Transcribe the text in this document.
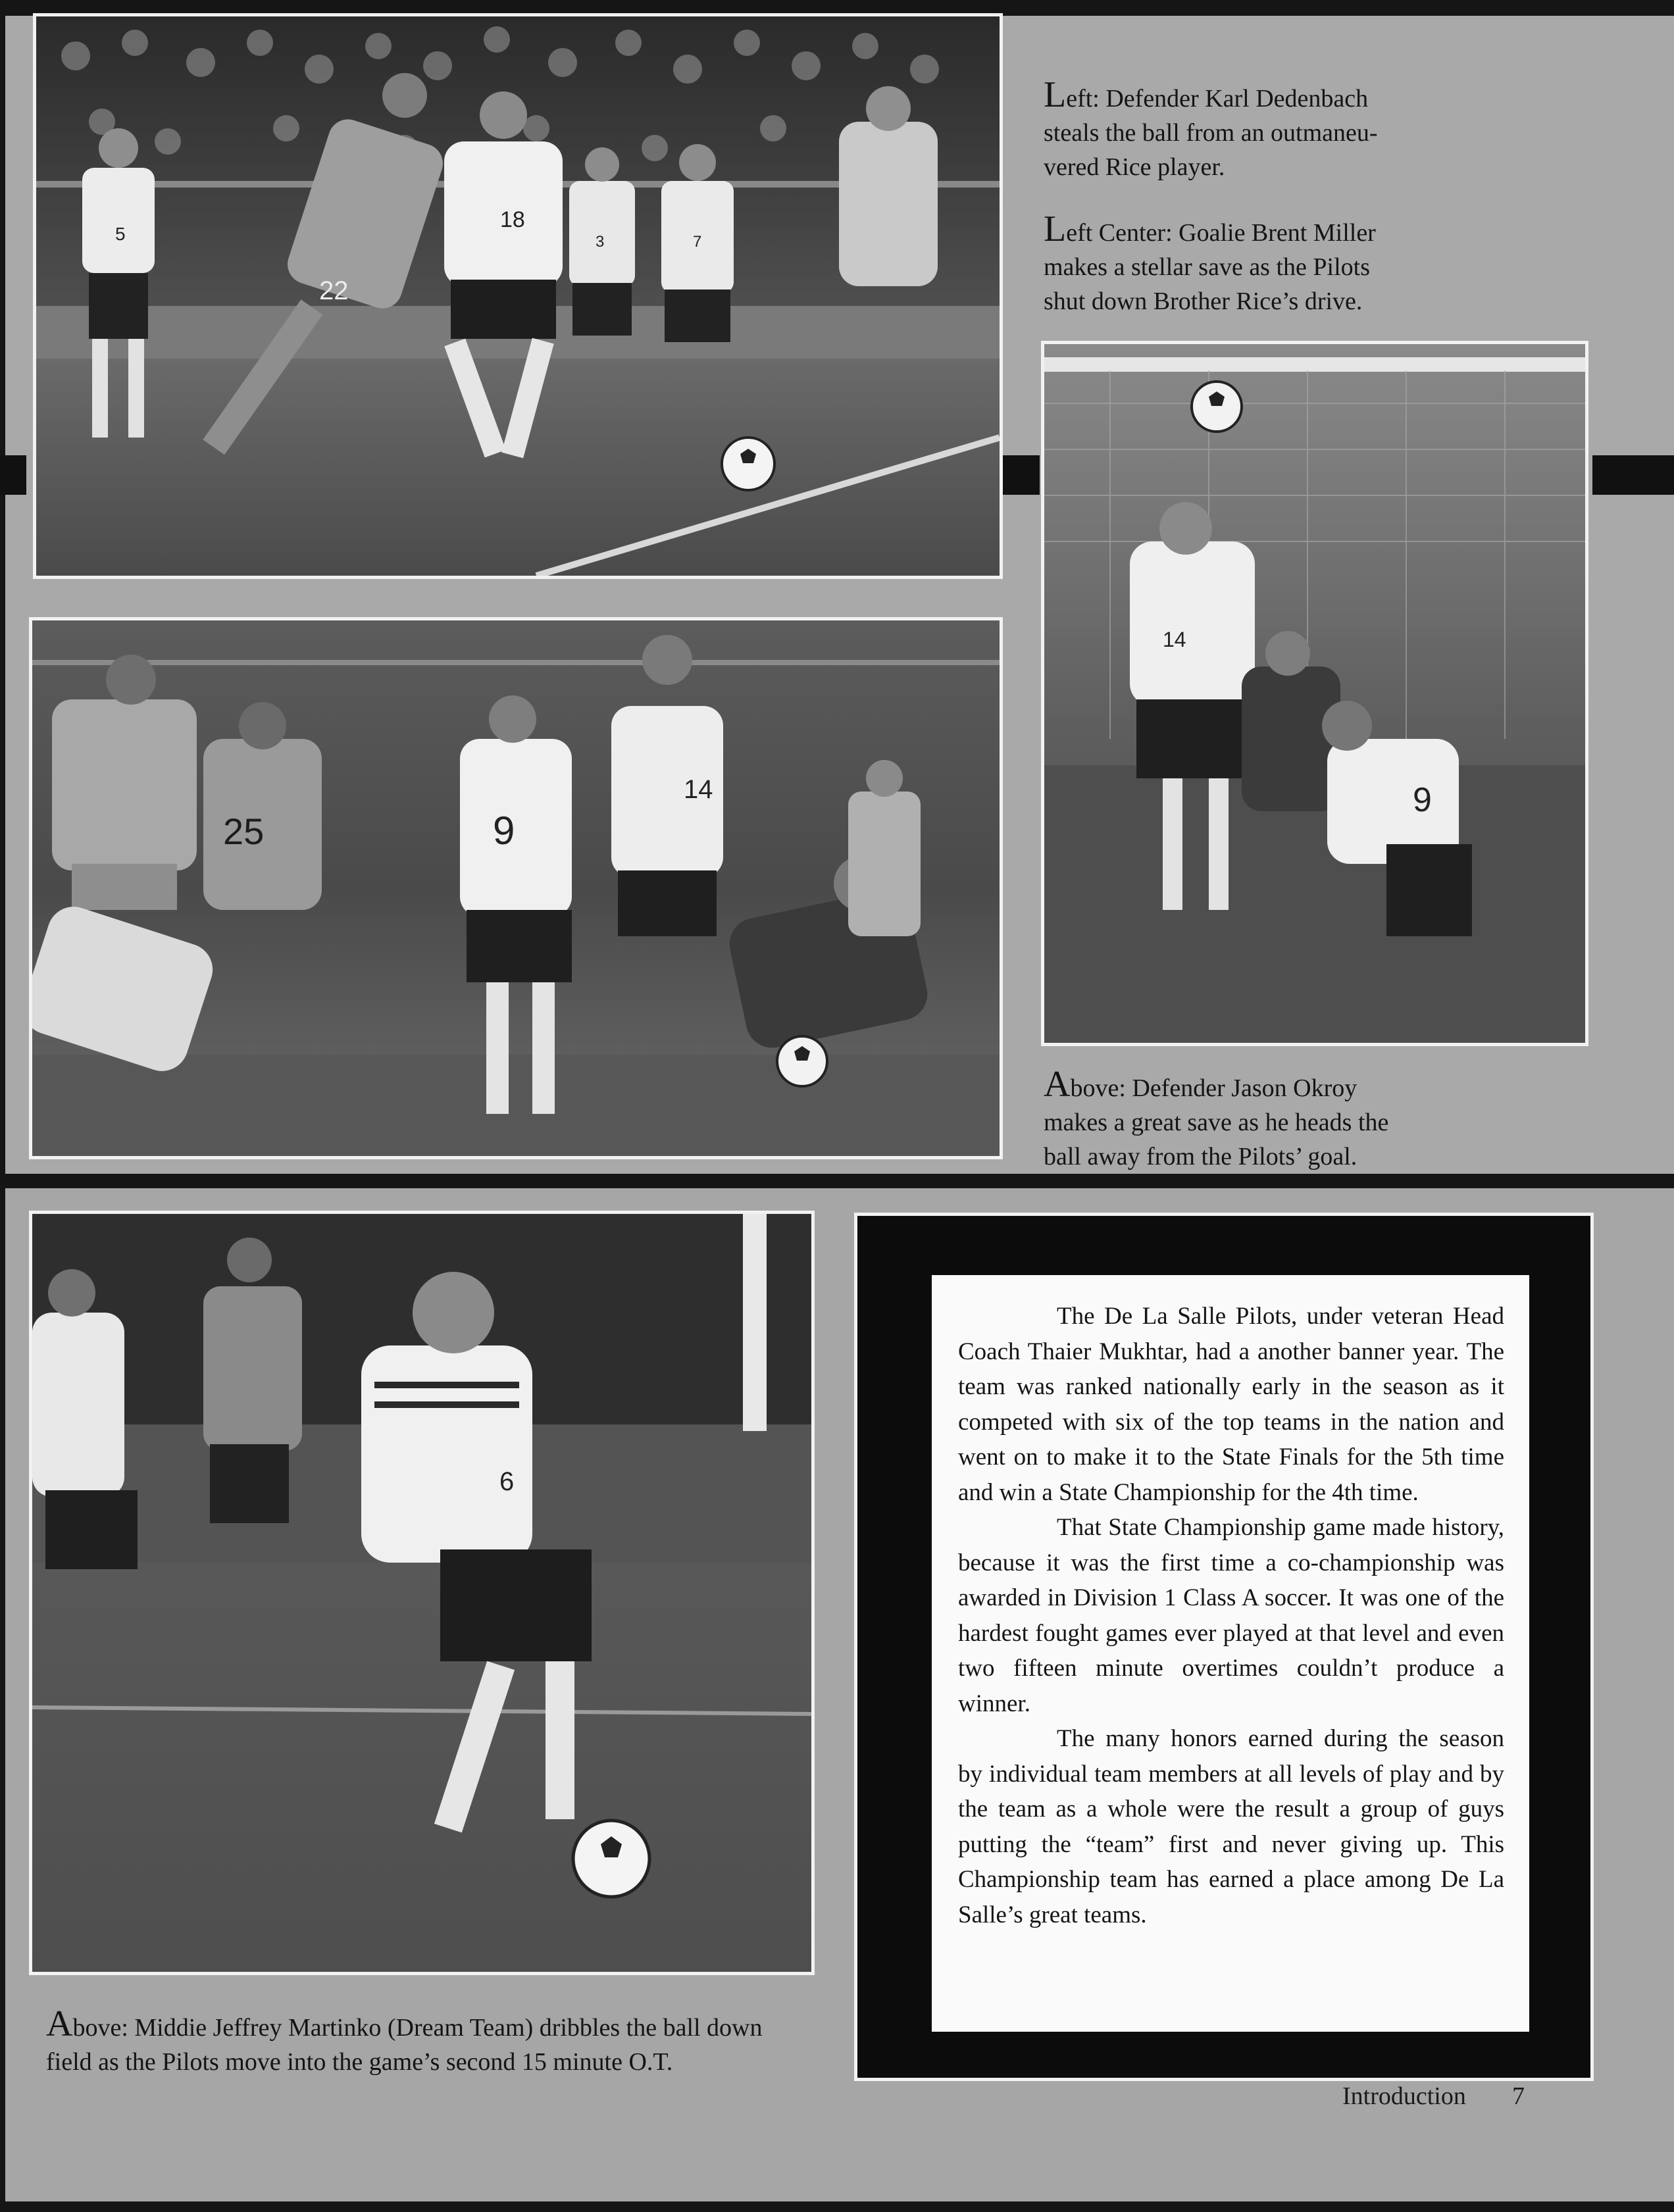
5
22
18
3	7
Left: Defender Karl Dedenbach
steals the ball from an outmaneu-
vered Rice player.
Left Center: Goalie Brent Miller
makes a stellar save as the Pilots
shut down Brother Rice’s drive.
14
9
25	9
14
Above: Defender Jason Okroy
makes a great save as he heads the
ball away from the Pilots’ goal.
6
Above: Middie Jeffrey Martinko (Dream Team) dribbles the ball down
field as the Pilots move into the game’s second 15 minute O.T.

The De La Salle Pilots, under veteran Head Coach Thaier Mukhtar, had a another banner year. The team was ranked nationally early in the season as it competed with six of the top teams in the nation and went on to make it to the State Finals for the 5th time and win a State Championship for the 4th time.

That State Championship game made history, because it was the first time a co-championship was awarded in Division 1 Class A soccer. It was one of the hardest fought games ever played at that level and even two fifteen minute overtimes couldn’t produce a winner.

The many honors earned during the season by individual team members at all levels of play and by the team as a whole were the result a group of guys putting the “team” first and never giving up. This Championship team has earned a place among De La Salle’s great teams.

Introduction 7
